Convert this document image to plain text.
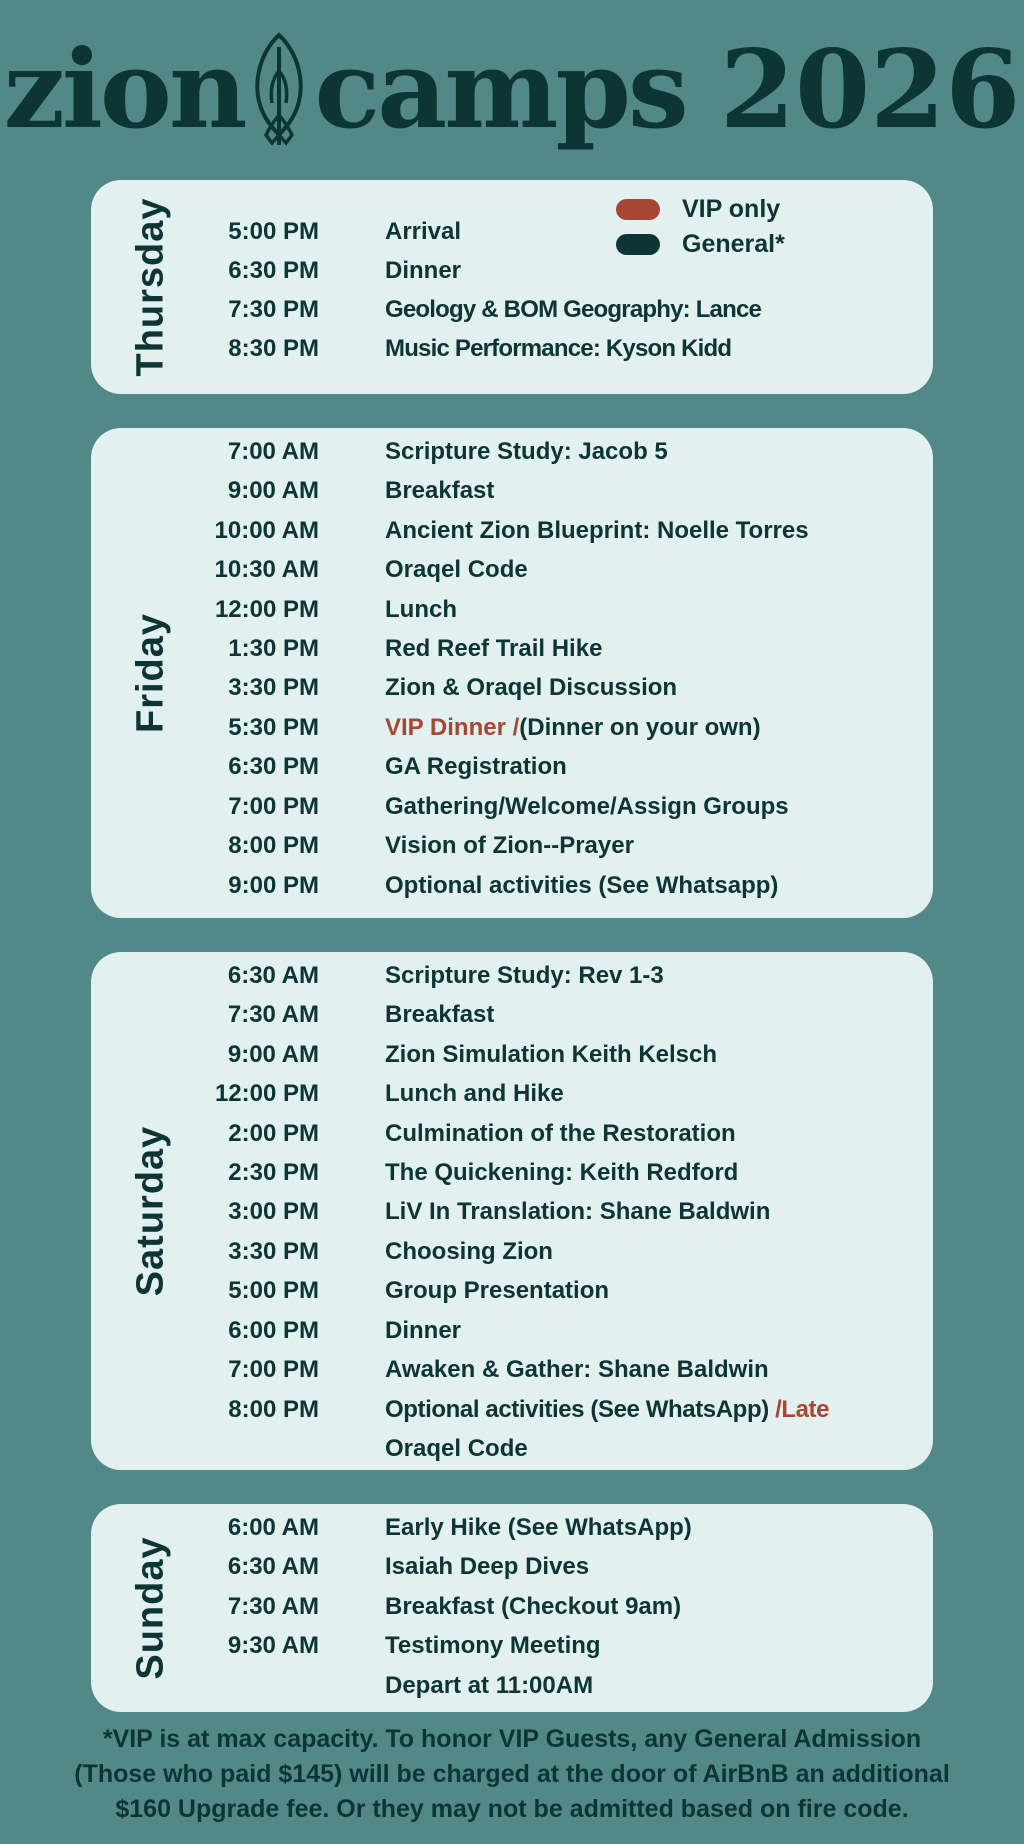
zion camps 2026
Thursday	VIP only
General*
5:00 PM	Arrival
6:30 PM	Dinner
7:30 PM	Geology & BOM Geography: Lance
8:30 PM	Music Performance: Kyson Kidd
Friday
7:00 AM	Scripture Study: Jacob 5
9:00 AM	Breakfast
10:00 AM	Ancient Zion Blueprint: Noelle Torres
10:30 AM	Oraqel Code
12:00 PM	Lunch
1:30 PM	Red Reef Trail Hike
3:30 PM	Zion & Oraqel Discussion
5:30 PM	VIP Dinner /(Dinner on your own)
6:30 PM	GA Registration
7:00 PM	Gathering/Welcome/Assign Groups
8:00 PM	Vision of Zion--Prayer
9:00 PM	Optional activities (See Whatsapp)
Saturday
6:30 AM	Scripture Study: Rev 1-3
7:30 AM	Breakfast
9:00 AM	Zion Simulation Keith Kelsch
12:00 PM	Lunch and Hike
2:00 PM	Culmination of the Restoration
2:30 PM	The Quickening: Keith Redford
3:00 PM	LiV In Translation: Shane Baldwin
3:30 PM	Choosing Zion
5:00 PM	Group Presentation
6:00 PM	Dinner
7:00 PM	Awaken & Gather: Shane Baldwin
8:00 PM	Optional activities (See WhatsApp) /Late
Oraqel Code
Sunday
6:00 AM	Early Hike (See WhatsApp)
6:30 AM	Isaiah Deep Dives
7:30 AM	Breakfast (Checkout 9am)
9:30 AM	Testimony Meeting
Depart at 11:00AM
*VIP is at max capacity. To honor VIP Guests, any General Admission
(Those who paid $145) will be charged at the door of AirBnB an additional
$160 Upgrade fee. Or they may not be admitted based on fire code.
